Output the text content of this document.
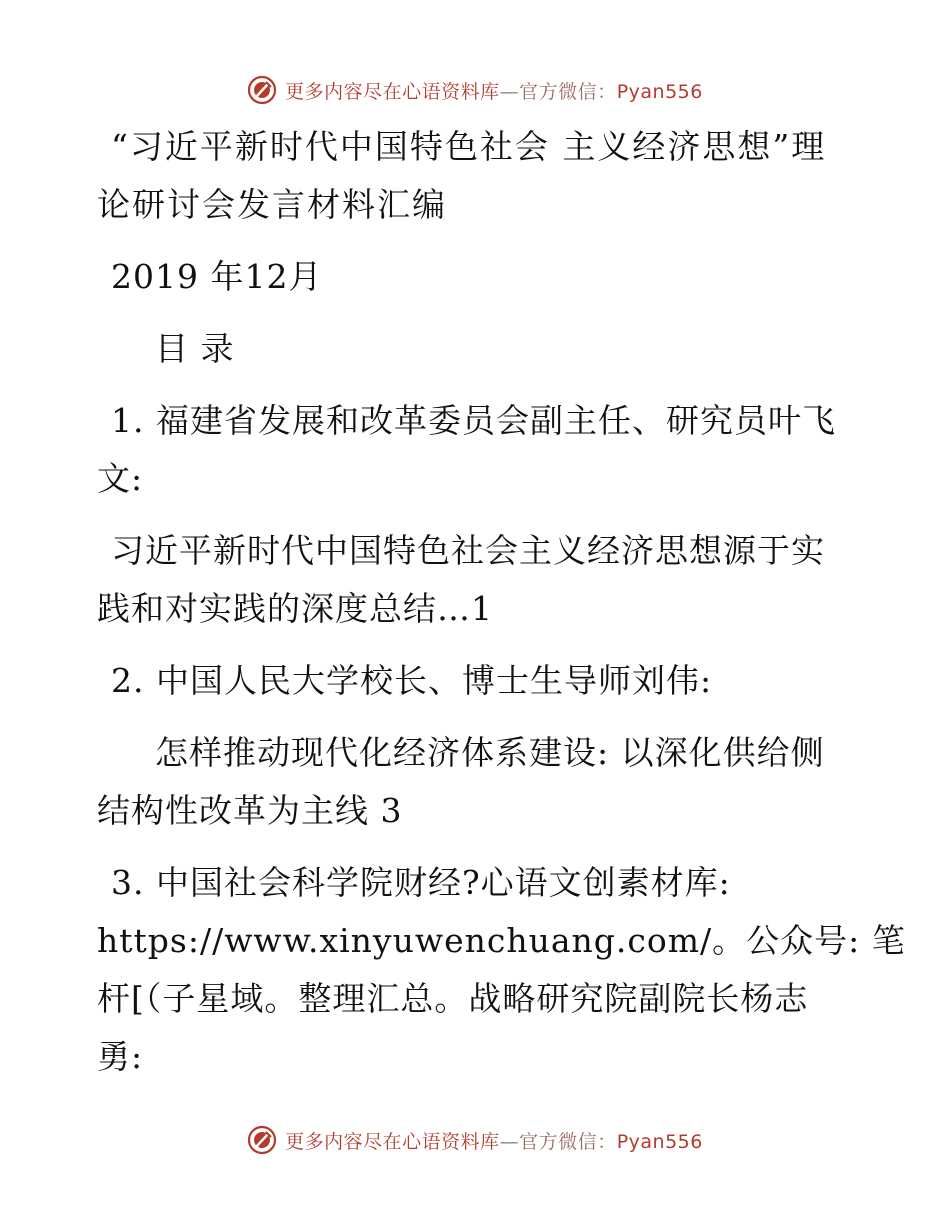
更多内容尽在心语资料库—官方微信：Pyan556
“习近平新时代中国特色社会 主义经济思想”理
论研讨会发言材料汇编
2019 年12月
目 录
1. 福建省发展和改革委员会副主任、研究员叶飞
文:
习近平新时代中国特色社会主义经济思想源于实
践和对实践的深度总结…1
2. 中国人民大学校长、博士生导师刘伟:
怎样推动现代化经济体系建设: 以深化供给侧
结构性改革为主线 3
3. 中国社会科学院财经?心语文创素材库:
https://www.xinyuwenchuang.com/。公众号: 笔
杆[（子星域。整理汇总。战略研究院副院长杨志
勇:
更多内容尽在心语资料库—官方微信：Pyan556
